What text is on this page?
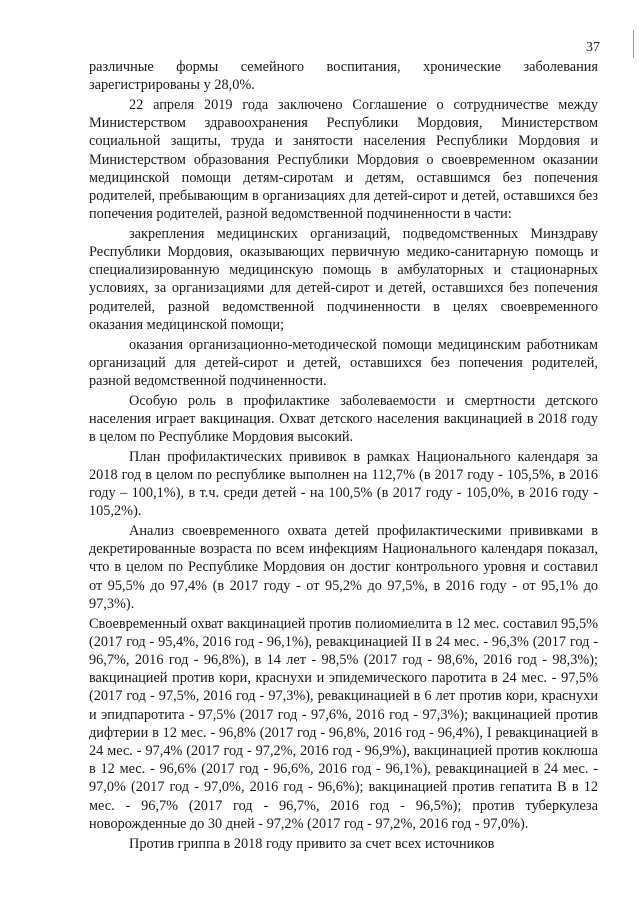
37

различные формы семейного воспитания, хронические заболевания зарегистрированы у 28,0%.

22 апреля 2019 года заключено Соглашение о сотрудничестве между Министерством здравоохранения Республики Мордовия, Министерством социальной защиты, труда и занятости населения Республики Мордовия и Министерством образования Республики Мордовия о своевременном оказании медицинской помощи детям-сиротам и детям, оставшимся без попечения родителей, пребывающим в организациях для детей-сирот и детей, оставшихся без попечения родителей, разной ведомственной подчиненности в части:

закрепления медицинских организаций, подведомственных Минздраву Республики Мордовия, оказывающих первичную медико-санитарную помощь и специализированную медицинскую помощь в амбулаторных и стационарных условиях, за организациями для детей-сирот и детей, оставшихся без попечения родителей, разной ведомственной подчиненности в целях своевременного оказания медицинской помощи;

оказания организационно-методической помощи медицинским работникам организаций для детей-сирот и детей, оставшихся без попечения родителей, разной ведомственной подчиненности.

Особую роль в профилактике заболеваемости и смертности детского населения играет вакцинация. Охват детского населения вакцинацией в 2018 году в целом по Республике Мордовия высокий.

План профилактических прививок в рамках Национального календаря за 2018 год в целом по республике выполнен на 112,7% (в 2017 году - 105,5%, в 2016 году – 100,1%), в т.ч. среди детей - на 100,5% (в 2017 году - 105,0%, в 2016 году - 105,2%).

Анализ своевременного охвата детей профилактическими прививками в декретированные возраста по всем инфекциям Национального календаря показал, что в целом по Республике Мордовия он достиг контрольного уровня и составил от 95,5% до 97,4% (в 2017 году - от 95,2% до 97,5%, в 2016 году - от 95,1% до 97,3%).

Своевременный охват вакцинацией против полиомиелита в 12 мес. составил 95,5% (2017 год - 95,4%, 2016 год - 96,1%), ревакцинацией II в 24 мес. - 96,3% (2017 год - 96,7%, 2016 год - 96,8%), в 14 лет - 98,5% (2017 год - 98,6%, 2016 год - 98,3%); вакцинацией против кори, краснухи и эпидемического паротита в 24 мес. - 97,5% (2017 год - 97,5%, 2016 год - 97,3%), ревакцинацией в 6 лет против кори, краснухи и эпидпаротита - 97,5% (2017 год - 97,6%, 2016 год - 97,3%); вакцинацией против дифтерии в 12 мес. - 96,8% (2017 год - 96,8%, 2016 год - 96,4%), I ревакцинацией в 24 мес. - 97,4% (2017 год - 97,2%, 2016 год - 96,9%), вакцинацией против коклюша в 12 мес. - 96,6% (2017 год - 96,6%, 2016 год - 96,1%), ревакцинацией в 24 мес. - 97,0% (2017 год - 97,0%, 2016 год - 96,6%); вакцинацией против гепатита В в 12 мес. - 96,7% (2017 год - 96,7%, 2016 год - 96,5%); против туберкулеза новорожденные до 30 дней - 97,2% (2017 год - 97,2%, 2016 год - 97,0%).

Против гриппа в 2018 году привито за счет всех источников
